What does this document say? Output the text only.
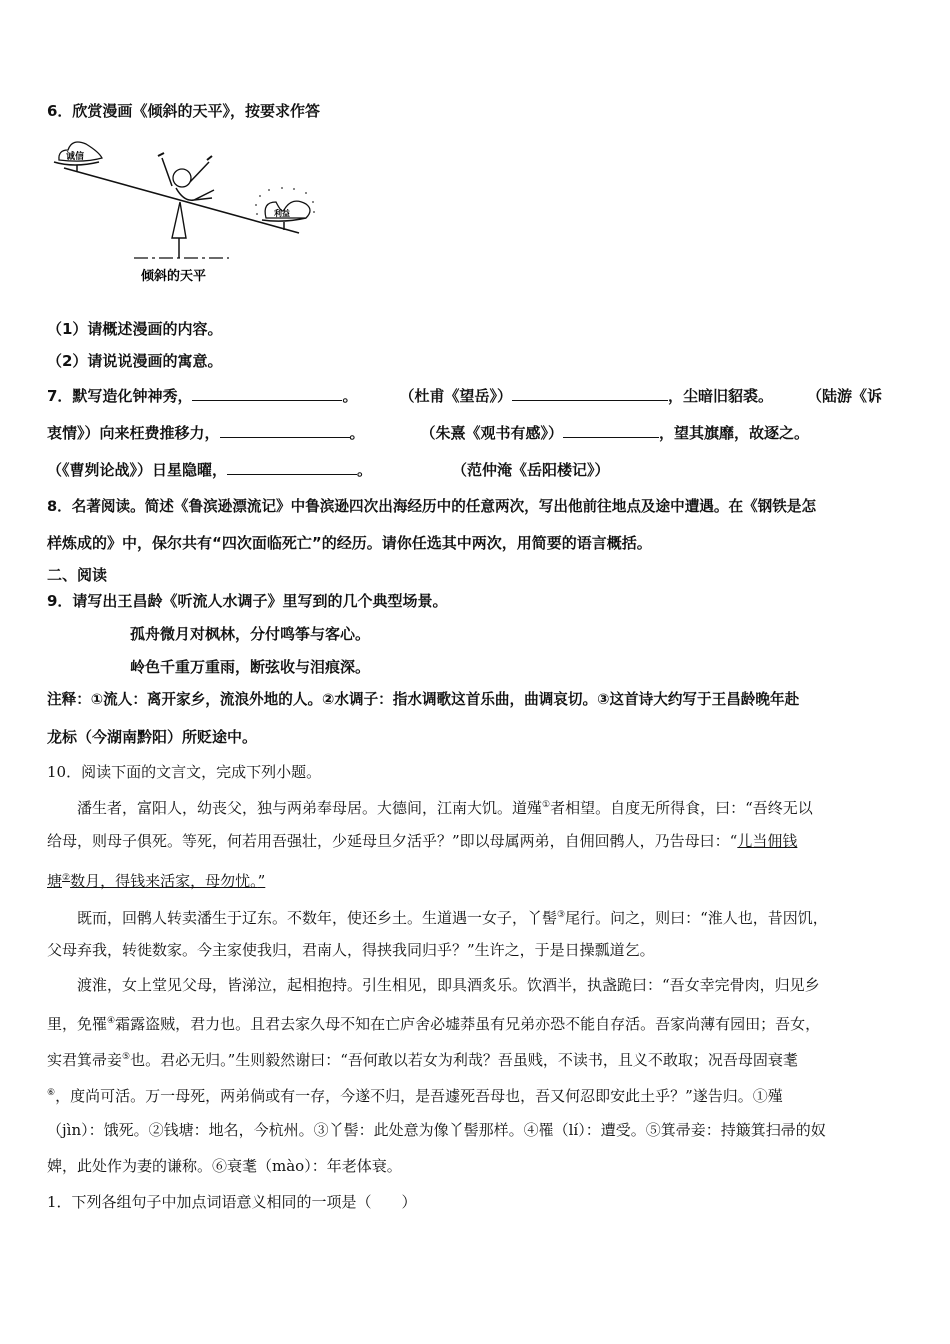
6．欣赏漫画《倾斜的天平》，按要求作答
诚信
利益
倾斜的天平
（1）请概述漫画的内容。
（2）请说说漫画的寓意。
7．默写造化钟神秀，	。	（杜甫《望岳》）	，尘暗旧貂裘。 （陆游《诉
衷情》）向来枉费推移力，	。	（朱熹《观书有感》）	，望其旗靡，故逐之。
（《曹刿论战》）日星隐曜，	。	（范仲淹《岳阳楼记》）
8．名著阅读。简述《鲁滨逊漂流记》中鲁滨逊四次出海经历中的任意两次，写出他前往地点及途中遭遇。在《钢铁是怎
样炼成的》中，保尔共有“四次面临死亡”的经历。请你任选其中两次，用简要的语言概括。
二、阅读
9．请写出王昌龄《听流人水调子》里写到的几个典型场景。
孤舟微月对枫林，分付鸣筝与客心。
岭色千重万重雨，断弦收与泪痕深。
注释：①流人：离开家乡，流浪外地的人。②水调子：指水调歌这首乐曲，曲调哀切。③这首诗大约写于王昌龄晚年赴
龙标（今湖南黔阳）所贬途中。
10．阅读下面的文言文，完成下列小题。
潘生者，富阳人，幼丧父，独与两弟奉母居。大德间，江南大饥。道殣①者相望。自度无所得食，曰：“吾终无以
给母，则母子俱死。等死，何若用吾强壮，少延母旦夕活乎？”即以母属两弟，自佣回鹘人，乃告母曰：“儿当佣钱
塘②数月，得钱来活家，母勿忧。”
既而，回鹘人转卖潘生于辽东。不数年，使还乡土。生道遇一女子，丫髻③尾行。问之，则曰：“淮人也，昔因饥，
父母弃我，转徙数家。今主家使我归，君南人，得挟我同归乎？”生许之，于是日操瓢道乞。
渡淮，女上堂见父母，皆涕泣，起相抱持。引生相见，即具酒炙乐。饮酒半，执盏跪曰：“吾女幸完骨肉，归见乡
里，免罹④霜露盗贼，君力也。且君去家久母不知在亡庐舍必墟莽虽有兄弟亦恐不能自存活。吾家尚薄有园田；吾女，
实君箕帚妾⑤也。君必无归。”生则毅然谢曰：“吾何敢以若女为利哉？吾虽贱，不读书，且义不敢取；况吾母固衰耄
⑥，度尚可活。万一母死，两弟倘或有一存，今遂不归，是吾遽死吾母也，吾又何忍即安此土乎？”遂告归。①殣
（jìn）：饿死。②钱塘：地名，今杭州。③丫髻：此处意为像丫髻那样。④罹（lí）：遭受。⑤箕帚妾：持簸箕扫帚的奴
婢，此处作为妻的谦称。⑥衰耄（mào）：年老体衰。
1．下列各组句子中加点词语意义相同的一项是（　　）
